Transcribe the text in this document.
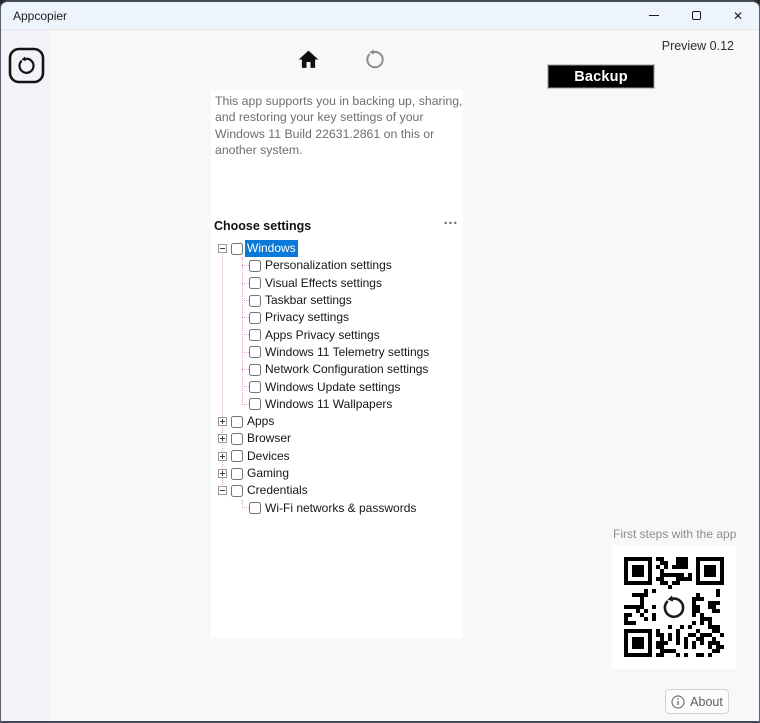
Appcopier	✕
Preview 0.12
Backup

This app supports you in backing up, sharing, and restoring your key settings of your Windows 11 Build 22631.2861 on this or another system.

Choose settings	…
Windows
Personalization settings
Visual Effects settings
Taskbar settings
Privacy settings
Apps Privacy settings
Windows 11 Telemetry settings
Network Configuration settings
Windows Update settings
Windows 11 Wallpapers
Apps
Browser
Devices
Gaming
Credentials
Wi-Fi networks & passwords
First steps with the app
About
